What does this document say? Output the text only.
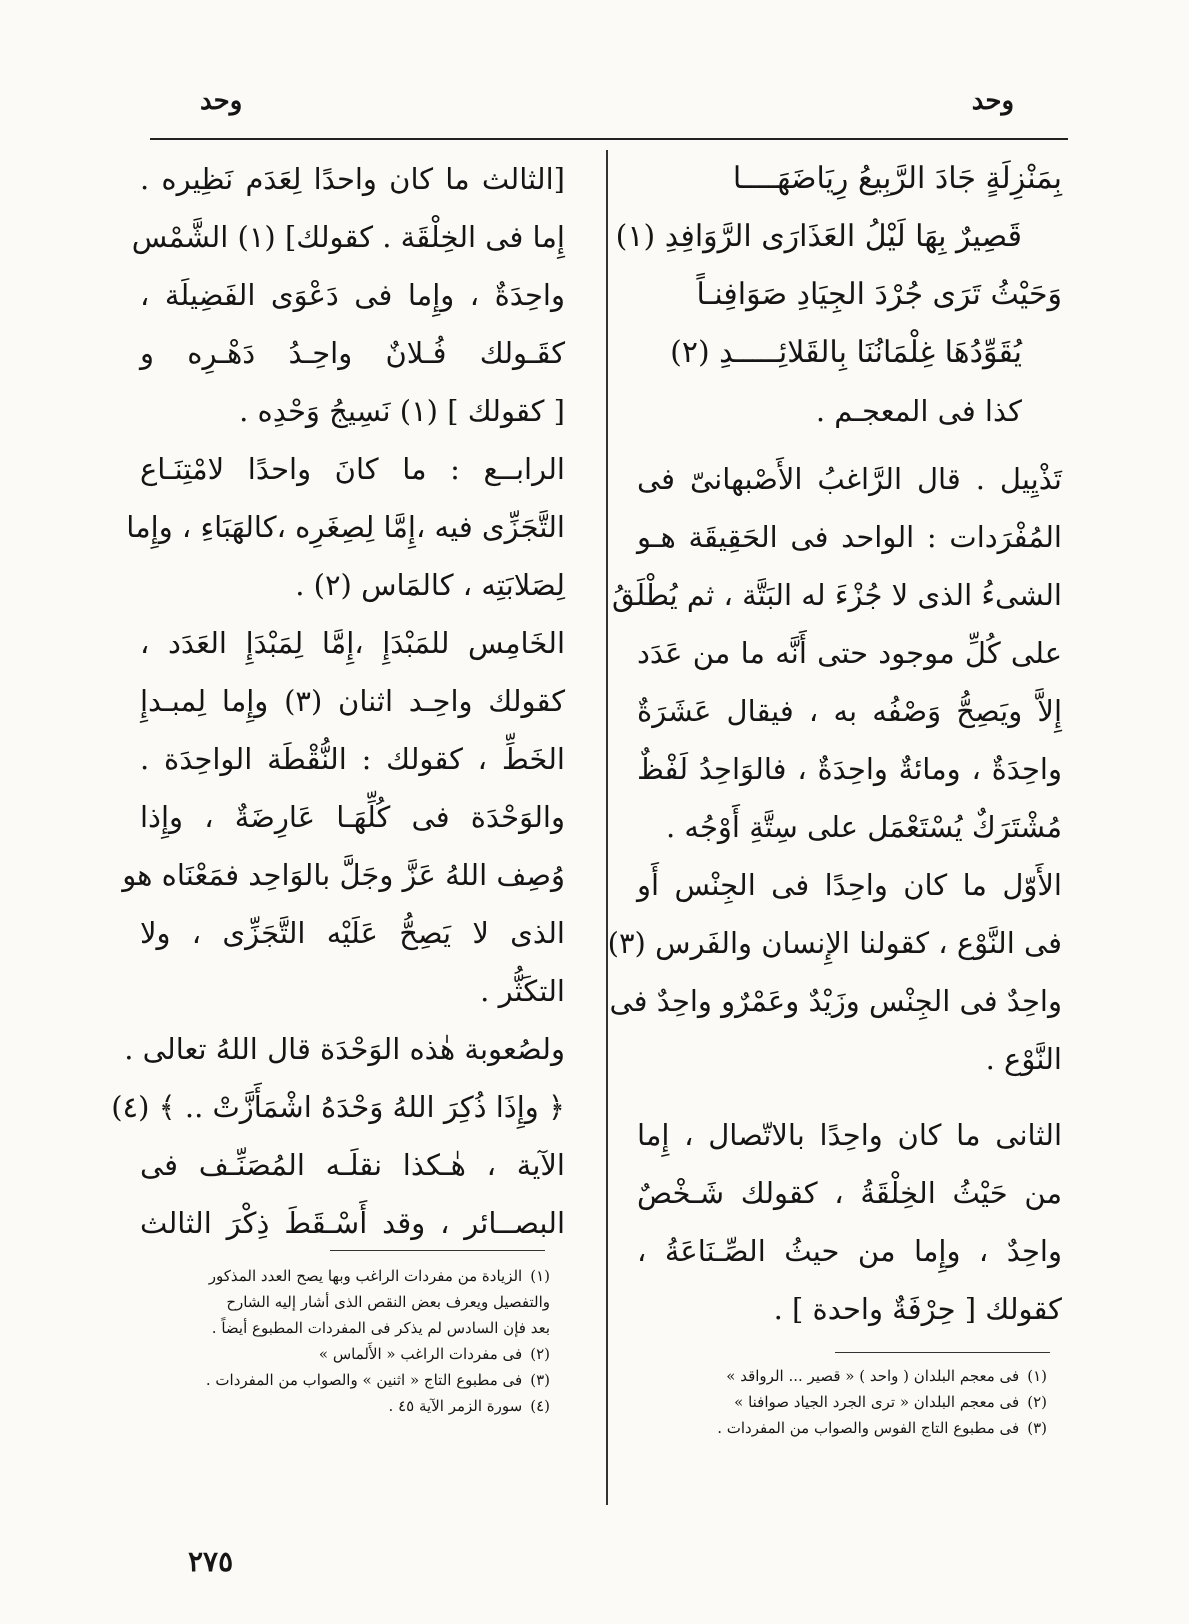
وحد
وحد
بِمَنْزِلَةٍ جَادَ الرَّبِيعُ رِيَاضَهَــــا
قَصِيرٌ بِهَا لَيْلُ العَذَارَى الرَّوَافِدِ (١)
وَحَيْثُ تَرَى جُرْدَ الجِيَادِ صَوَافِنـاً
يُقَوِّدُهَا غِلْمَانُنَا بِالقَلائِـــــدِ (٢)
كذا فى المعجـم .
تَذْيِيل . قال الرَّاغبُ الأَصْبهانىّ فى
المُفْرَدات : الواحد فى الحَقِيقَة هـو
الشىءُ الذى لا جُزْءَ له البَتَّة ، ثم يُطْلَقُ
على كُلِّ موجود حتى أَنَّه ما من عَدَد
إِلاَّ ويَصِحُّ وَصْفُه به ، فيقال عَشَرَةٌ
واحِدَةٌ ، ومائةٌ واحِدَةٌ ، فالوَاحِدُ لَفْظٌ
مُشْتَرَكٌ يُسْتَعْمَل على سِتَّةِ أَوْجُه .
الأَوّل ما كان واحِدًا فى الجِنْس أَو
فى النَّوْع ، كقولنا الإِنسان والفَرس (٣)
واحِدٌ فى الجِنْس وزَيْدٌ وعَمْرٌو واحِدٌ فى
النَّوْع .
الثانى ما كان واحِدًا بالاتّصال ، إِما
من حَيْثُ الخِلْقَةُ ، كقولك شَـخْصٌ
واحِدٌ ، وإِما من حيثُ الصِّـنَاعَةُ ،
كقولك [ حِرْفَةٌ واحدة ] .
[الثالث ما كان واحدًا لِعَدَم نَظِيره .
إِما فى الخِلْقَة . كقولك] (١) الشَّمْس
واحِدَةٌ ، وإِما فى دَعْوَى الفَضِيلَة ،
كقَـولك فُـلانٌ واحِـدُ دَهْـرِه و
[ كقولك ] (١) نَسِيجُ وَحْدِه .
الرابــع : ما كانَ واحدًا لامْتِنَـاع
التَّجَزِّى فيه ،إِمَّا لِصِغَرِه ،كالهَبَاءِ ، وإِما
لِصَلابَتِه ، كالمَاس (٢) .
الخَامِس للمَبْدَإِ ،إِمَّا لِمَبْدَإِ العَدَد ،
كقولك واحِـد اثنان (٣) وإِما لِمبـدإِ
الخَطِّ ، كقولك : النُّقْطَة الواحِدَة .
والوَحْدَة فى كُلِّهَـا عَارِضَةٌ ، وإِذا
وُصِف اللهُ عَزَّ وجَلَّ بالوَاحِد فمَعْنَاه هو
الذى لا يَصِحُّ عَلَيْه التَّجَزِّى ، ولا
التكَثُّر .
ولصُعوبة هٰذه الوَحْدَة قال اللهُ تعالى .
﴿ وإِذَا ذُكِرَ اللهُ وَحْدَهُ اشْمَأَزَّتْ .. ﴾ (٤)
الآية ، هٰـكذا نقلَـه المُصَنِّـف فى
البصــائر ، وقد أَسْـقَطَ ذِكْرَ الثالث
(١)
الزيادة من مفردات الراغب وبها يصح العدد المذكور
والتفصيل ويعرف بعض النقص الذى أشار إليه الشارح
بعد فإن السادس لم يذكر فى المفردات المطبوع أيضاً .
(٢)
فى مفردات الراغب « الأَلماس »
(٣)
فى مطبوع التاج « اثنين » والصواب من المفردات .
(٤)
سورة الزمر الآية ٤٥ .
(١)
فى معجم البلدان ( واحد ) « قصير ... الرواقد »
(٢)
فى معجم البلدان « ترى الجرد الجياد صوافنا »
(٣)
فى مطبوع التاج الفوس والصواب من المفردات .
٢٧٥
